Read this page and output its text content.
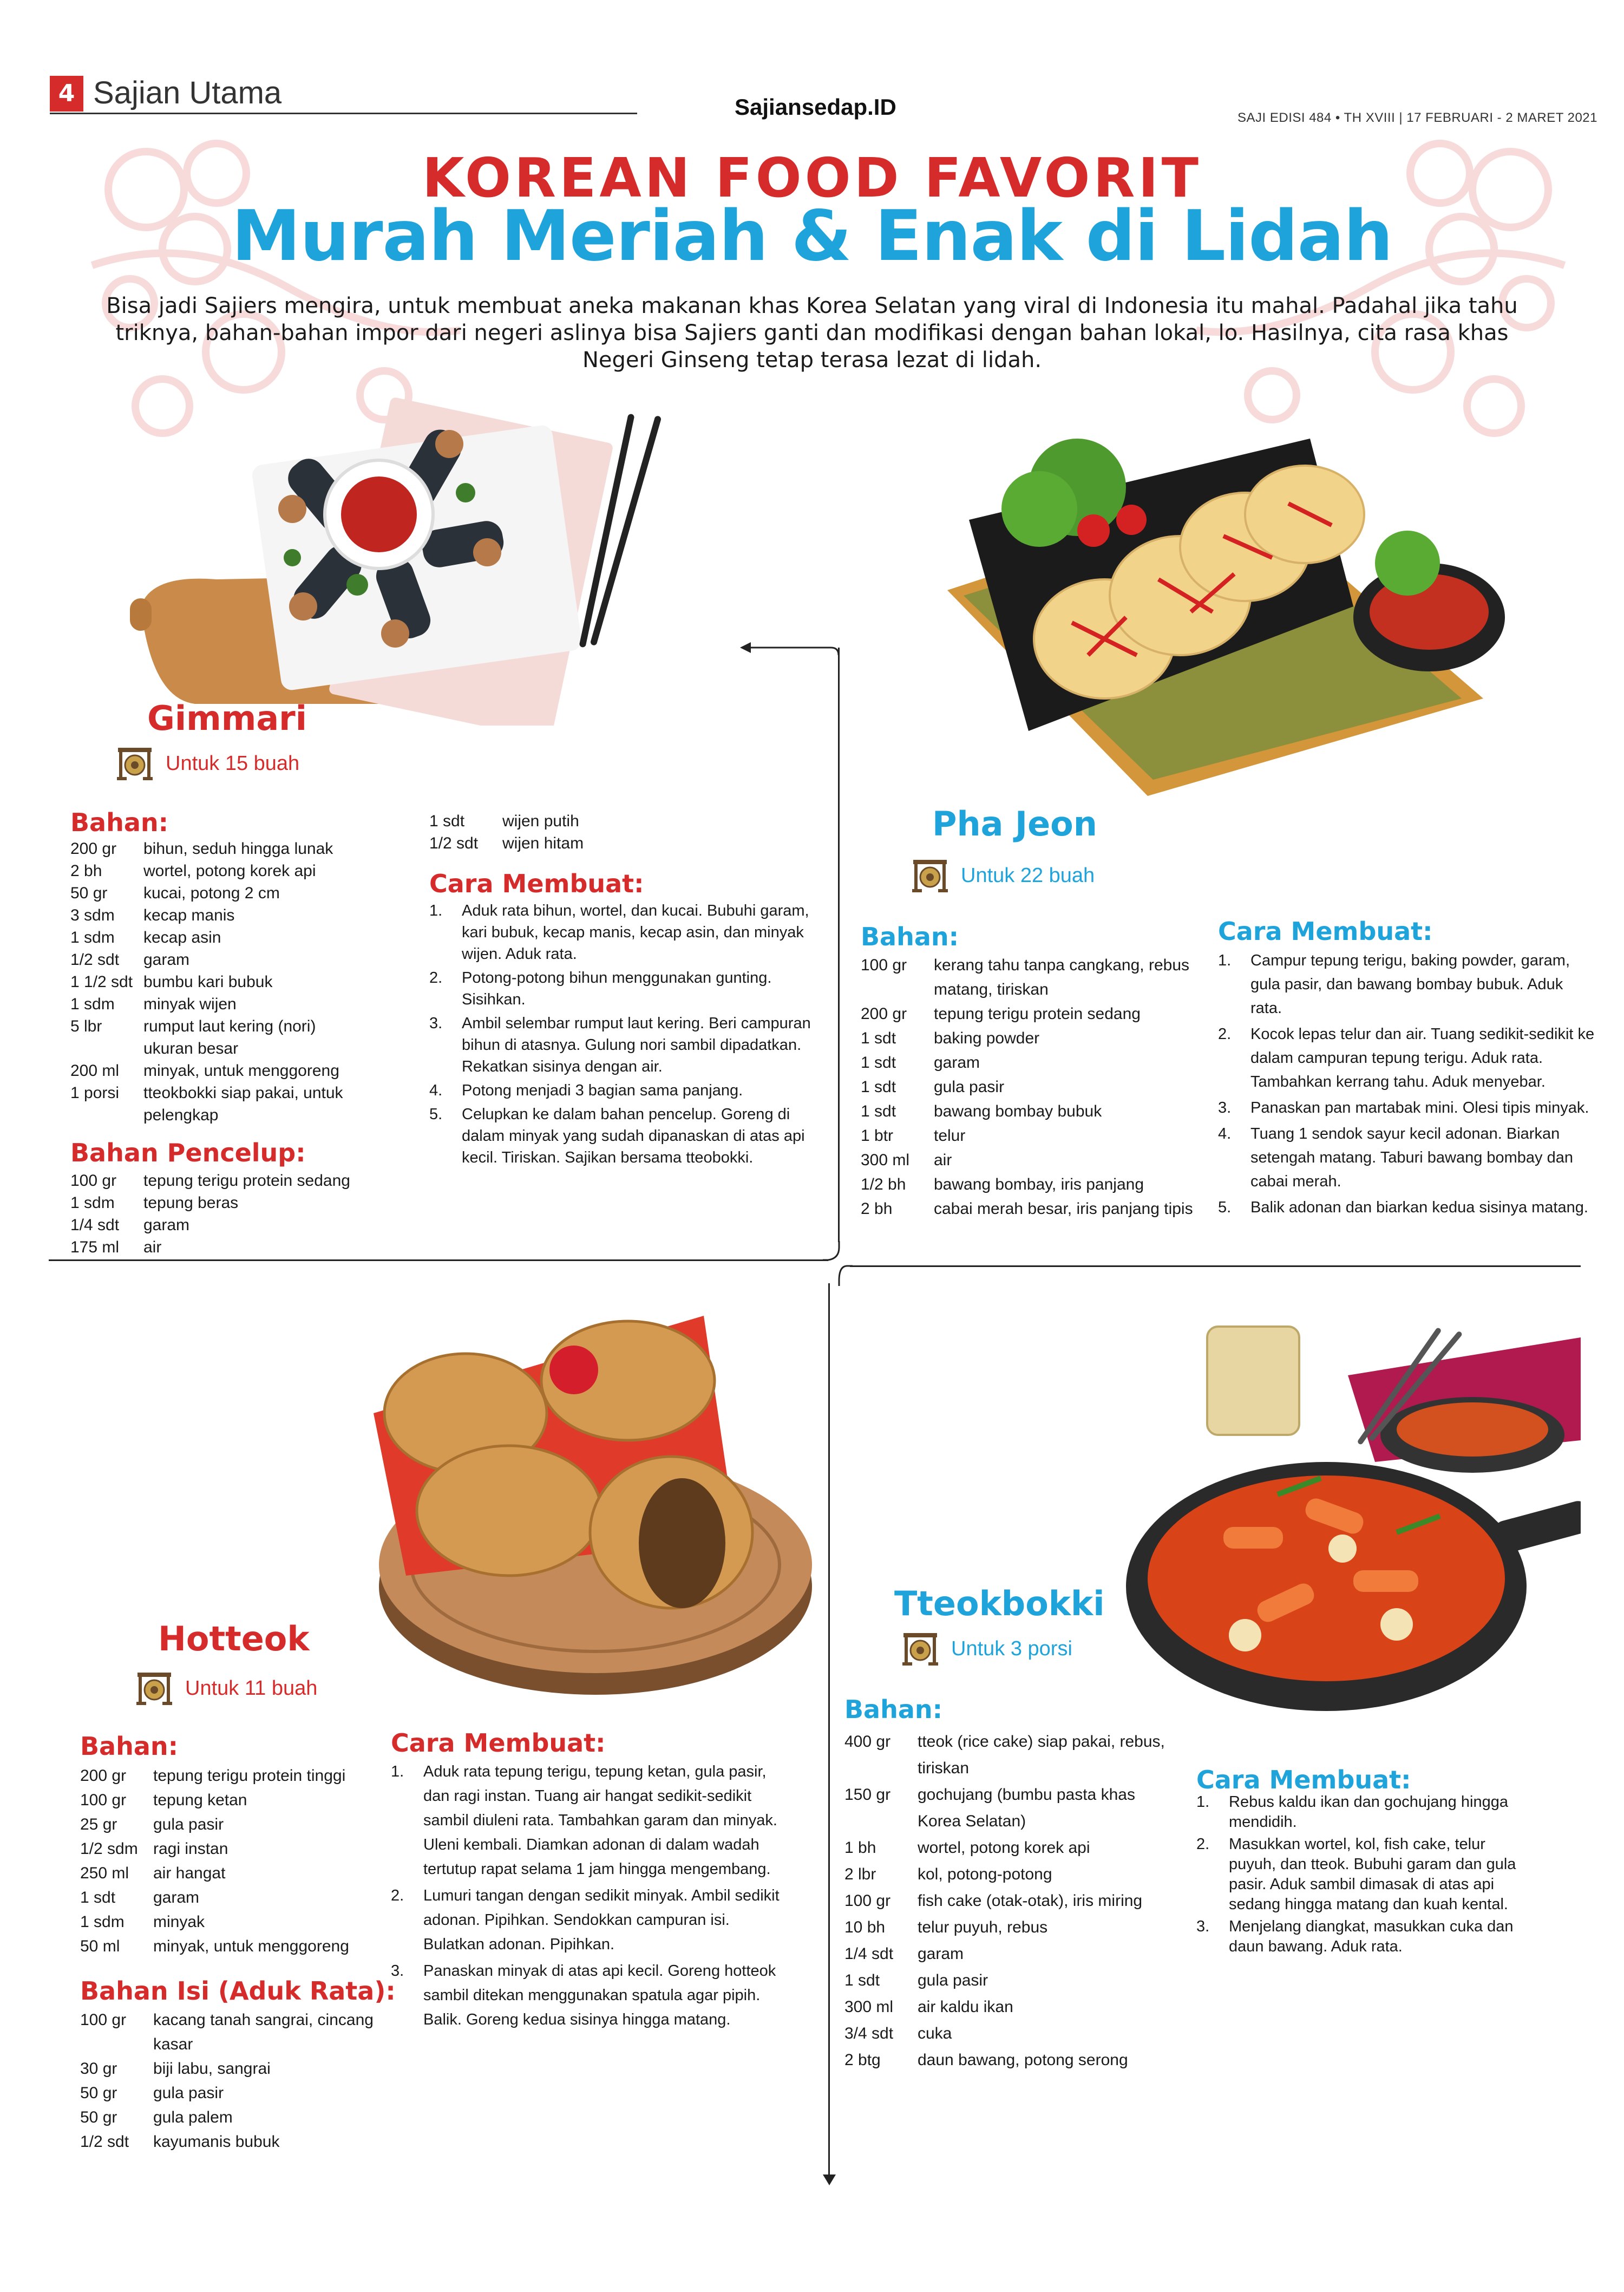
4 Sajian Utama	Sajiansedap.ID	SAJI EDISI 484 • TH XVIII | 17 FEBRUARI - 2 MARET 2021
KOREAN FOOD FAVORIT
Murah Meriah & Enak di Lidah
Bisa jadi Sajiers mengira, untuk membuat aneka makanan khas Korea Selatan yang viral di Indonesia itu mahal. Padahal jika tahu triknya, bahan-bahan impor dari negeri aslinya bisa Sajiers ganti dan modifikasi dengan bahan lokal, lo. Hasilnya, cita rasa khas Negeri Ginseng tetap terasa lezat di lidah.
Gimmari
Untuk 15 buah
Bahan:
200 gr	bihun, seduh hingga lunak
2 bh	wortel, potong korek api
50 gr	kucai, potong 2 cm
3 sdm	kecap manis
1 sdm	kecap asin
1/2 sdt	garam
1 1/2 sdt bumbu kari bubuk
1 sdm	minyak wijen
5 lbr	rumput laut kering (nori) ukuran besar
200 ml	minyak, untuk menggoreng
1 porsi	tteokbokki siap pakai, untuk pelengkap
Bahan Pencelup:
100 gr	tepung terigu protein sedang
1 sdm	tepung beras
1/4 sdt	garam
175 ml	air
1 sdt	wijen putih
1/2 sdt	wijen hitam
Cara Membuat:
1.	Aduk rata bihun, wortel, dan kucai. Bubuhi garam, kari bubuk, kecap manis, kecap asin, dan minyak wijen. Aduk rata.
2.	Potong-potong bihun menggunakan gunting. Sisihkan.
3.	Ambil selembar rumput laut kering. Beri campuran bihun di atasnya. Gulung nori sambil dipadatkan. Rekatkan sisinya dengan air.
4.	Potong menjadi 3 bagian sama panjang.
5.	Celupkan ke dalam bahan pencelup. Goreng di dalam minyak yang sudah dipanaskan di atas api kecil. Tiriskan. Sajikan bersama tteobokki.
Pha Jeon
Untuk 22 buah
Bahan:
100 gr	kerang tahu tanpa cangkang, rebus matang, tiriskan
200 gr	tepung terigu protein sedang
1 sdt	baking powder
1 sdt	garam
1 sdt	gula pasir
1 sdt	bawang bombay bubuk
1 btr	telur
300 ml	air
1/2 bh	bawang bombay, iris panjang
2 bh	cabai merah besar, iris panjang tipis
Cara Membuat:
1.	Campur tepung terigu, baking powder, garam, gula pasir, dan bawang bombay bubuk. Aduk rata.
2.	Kocok lepas telur dan air. Tuang sedikit-sedikit ke dalam campuran tepung terigu. Aduk rata. Tambahkan kerrang tahu. Aduk menyebar.
3.	Panaskan pan martabak mini. Olesi tipis minyak.
4.	Tuang 1 sendok sayur kecil adonan. Biarkan setengah matang. Taburi bawang bombay dan cabai merah.
5.	Balik adonan dan biarkan kedua sisinya matang.
Hotteok
Untuk 11 buah
Bahan:
200 gr	tepung terigu protein tinggi
100 gr	tepung ketan
25 gr	gula pasir
1/2 sdm ragi instan
250 ml	air hangat
1 sdt	garam
1 sdm	minyak
50 ml	minyak, untuk menggoreng
Bahan Isi (Aduk Rata):
100 gr	kacang tanah sangrai, cincang kasar
30 gr	biji labu, sangrai
50 gr	gula pasir
50 gr	gula palem
1/2 sdt	kayumanis bubuk
Cara Membuat:
1.	Aduk rata tepung terigu, tepung ketan, gula pasir, dan ragi instan. Tuang air hangat sedikit-sedikit sambil diuleni rata. Tambahkan garam dan minyak. Uleni kembali. Diamkan adonan di dalam wadah tertutup rapat selama 1 jam hingga mengembang.
2.	Lumuri tangan dengan sedikit minyak. Ambil sedikit adonan. Pipihkan. Sendokkan campuran isi. Bulatkan adonan. Pipihkan.
3.	Panaskan minyak di atas api kecil. Goreng hotteok sambil ditekan menggunakan spatula agar pipih. Balik. Goreng kedua sisinya hingga matang.
Tteokbokki
Untuk 3 porsi
Bahan:
400 gr	tteok (rice cake) siap pakai, rebus, tiriskan
150 gr	gochujang (bumbu pasta khas Korea Selatan)
1 bh	wortel, potong korek api
2 lbr	kol, potong-potong
100 gr	fish cake (otak-otak), iris miring
10 bh	telur puyuh, rebus
1/4 sdt	garam
1 sdt	gula pasir
300 ml	air kaldu ikan
3/4 sdt	cuka
2 btg	daun bawang, potong serong
Cara Membuat:
1.	Rebus kaldu ikan dan gochujang hingga mendidih.
2.	Masukkan wortel, kol, fish cake, telur puyuh, dan tteok. Bubuhi garam dan gula pasir. Aduk sambil dimasak di atas api sedang hingga matang dan kuah kental.
3.	Menjelang diangkat, masukkan cuka dan daun bawang. Aduk rata.
